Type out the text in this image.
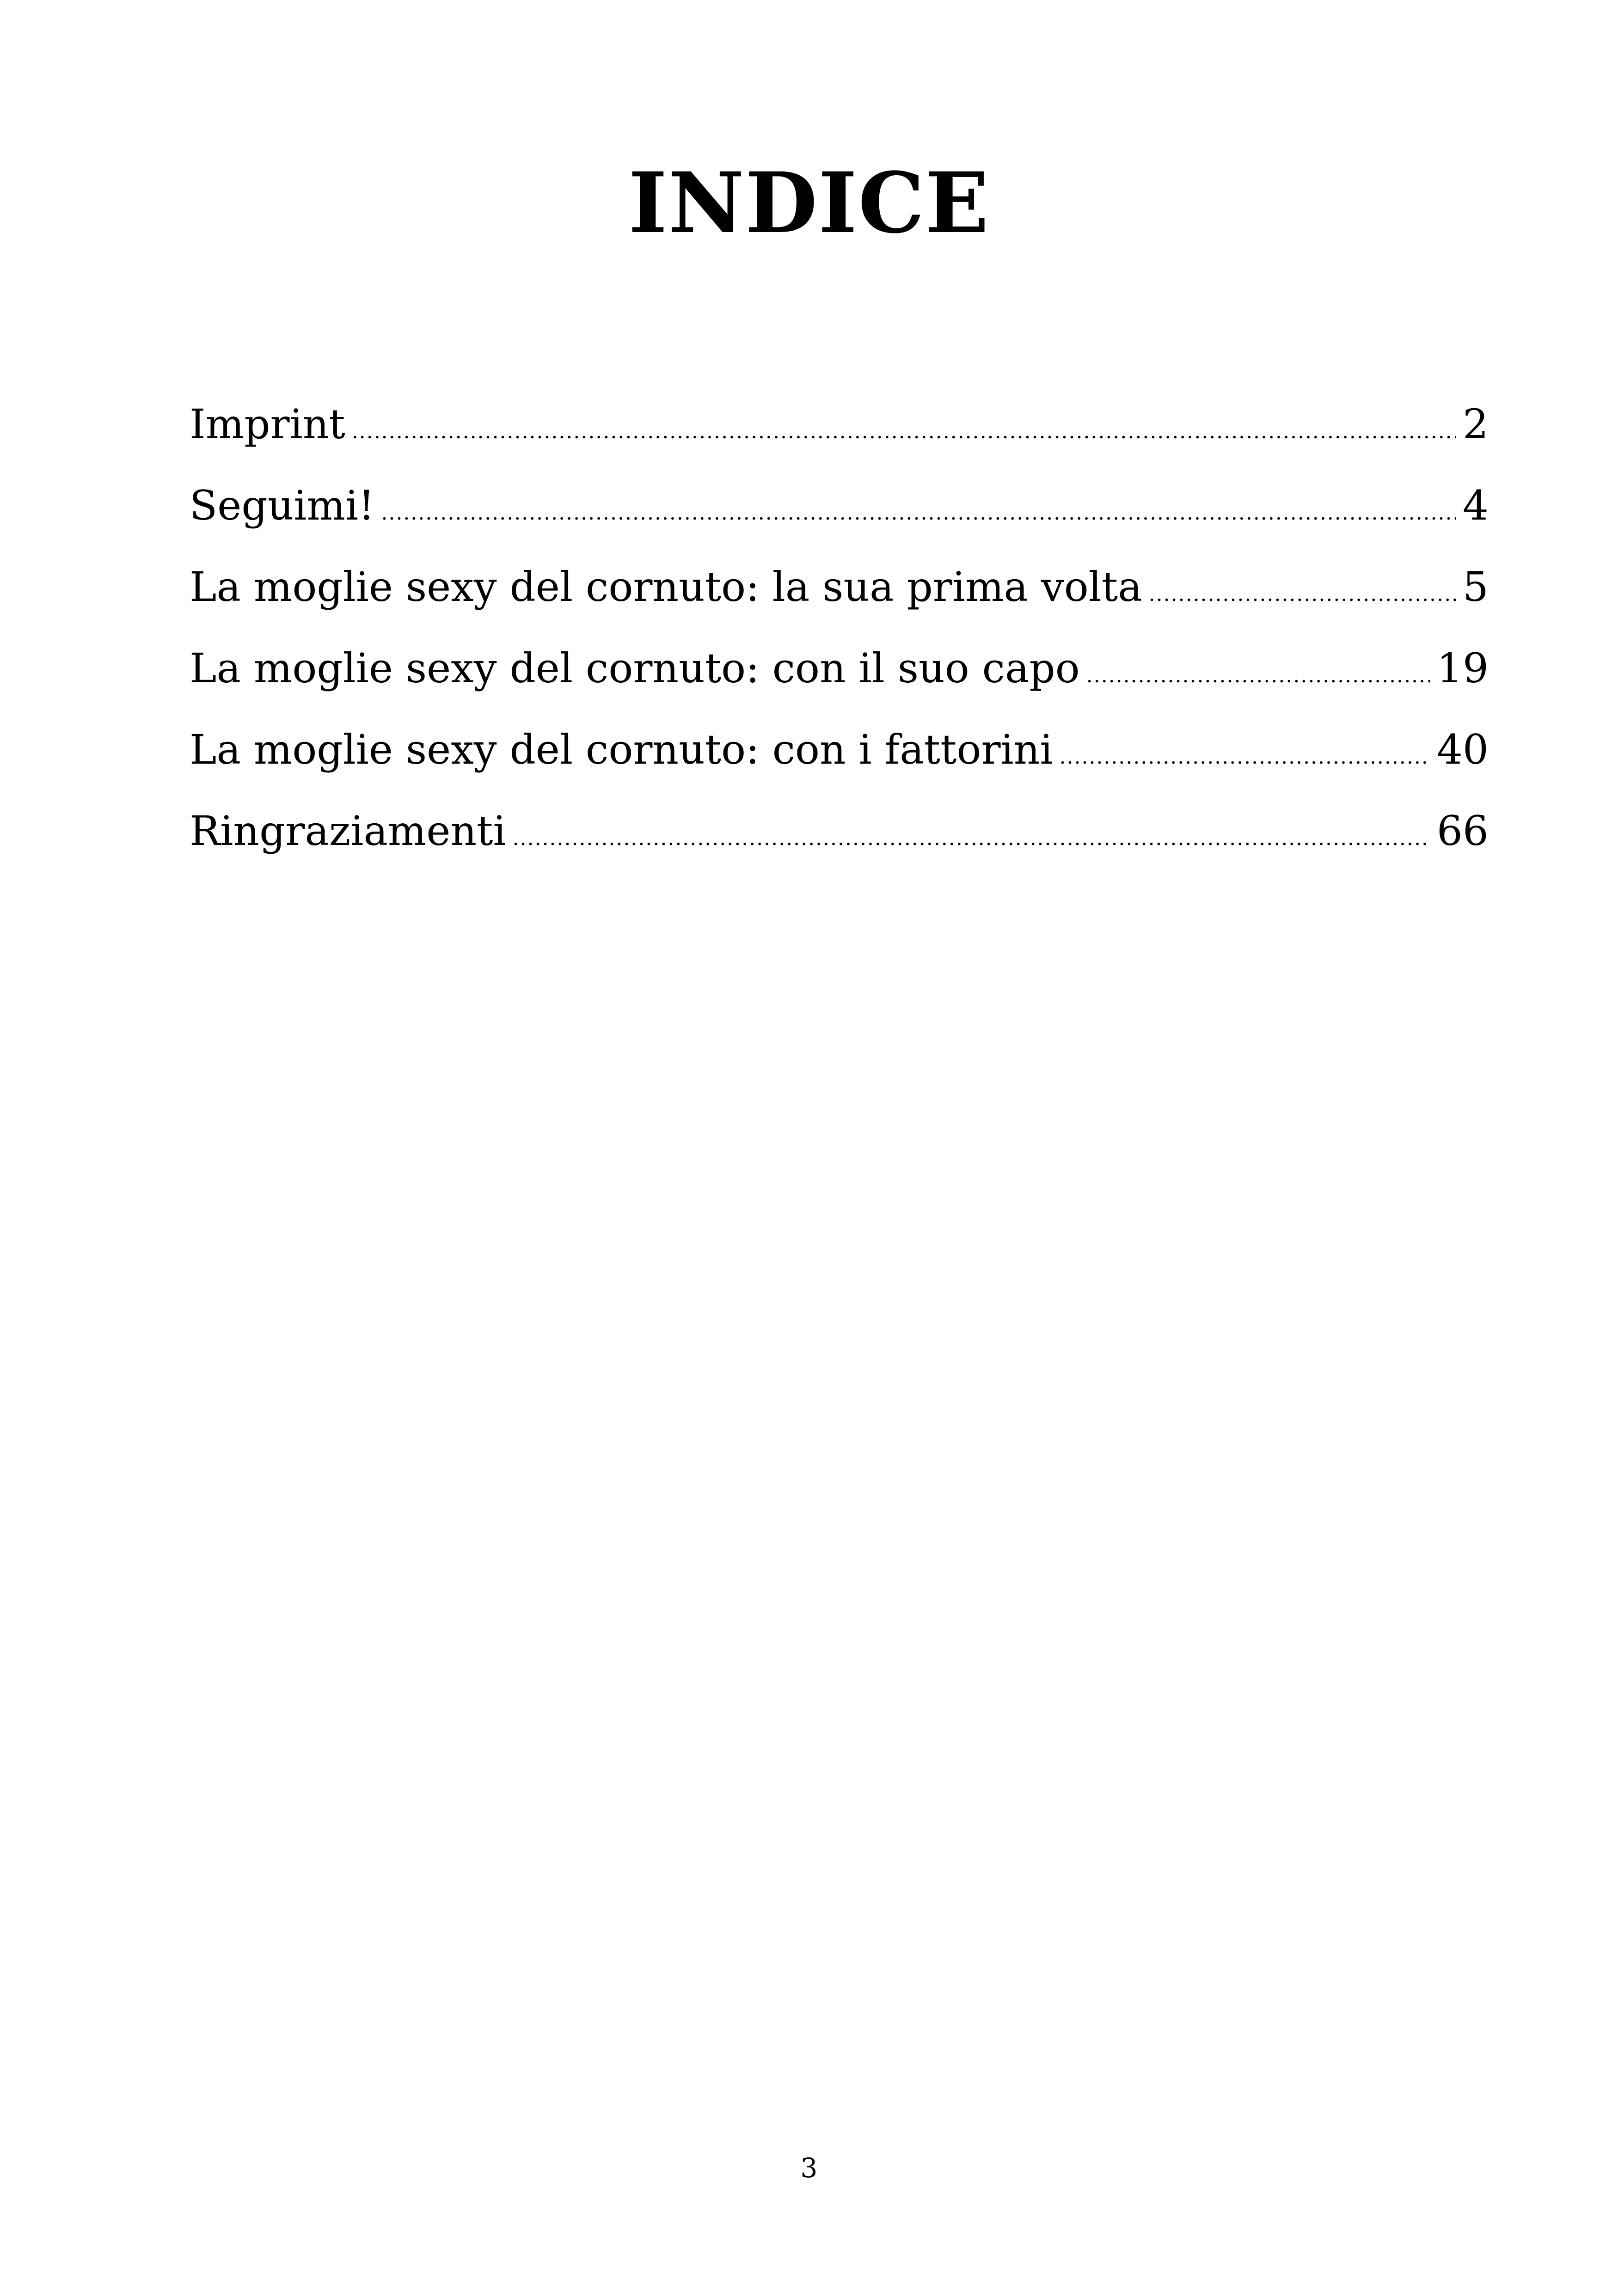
INDICE
Imprint .....	2
Seguimi! .....	4
La moglie sexy del cornuto: la sua prima volta .....	5
La moglie sexy del cornuto: con il suo capo .....	19
La moglie sexy del cornuto: con i fattorini .....	40
Ringraziamenti .....	66
3
